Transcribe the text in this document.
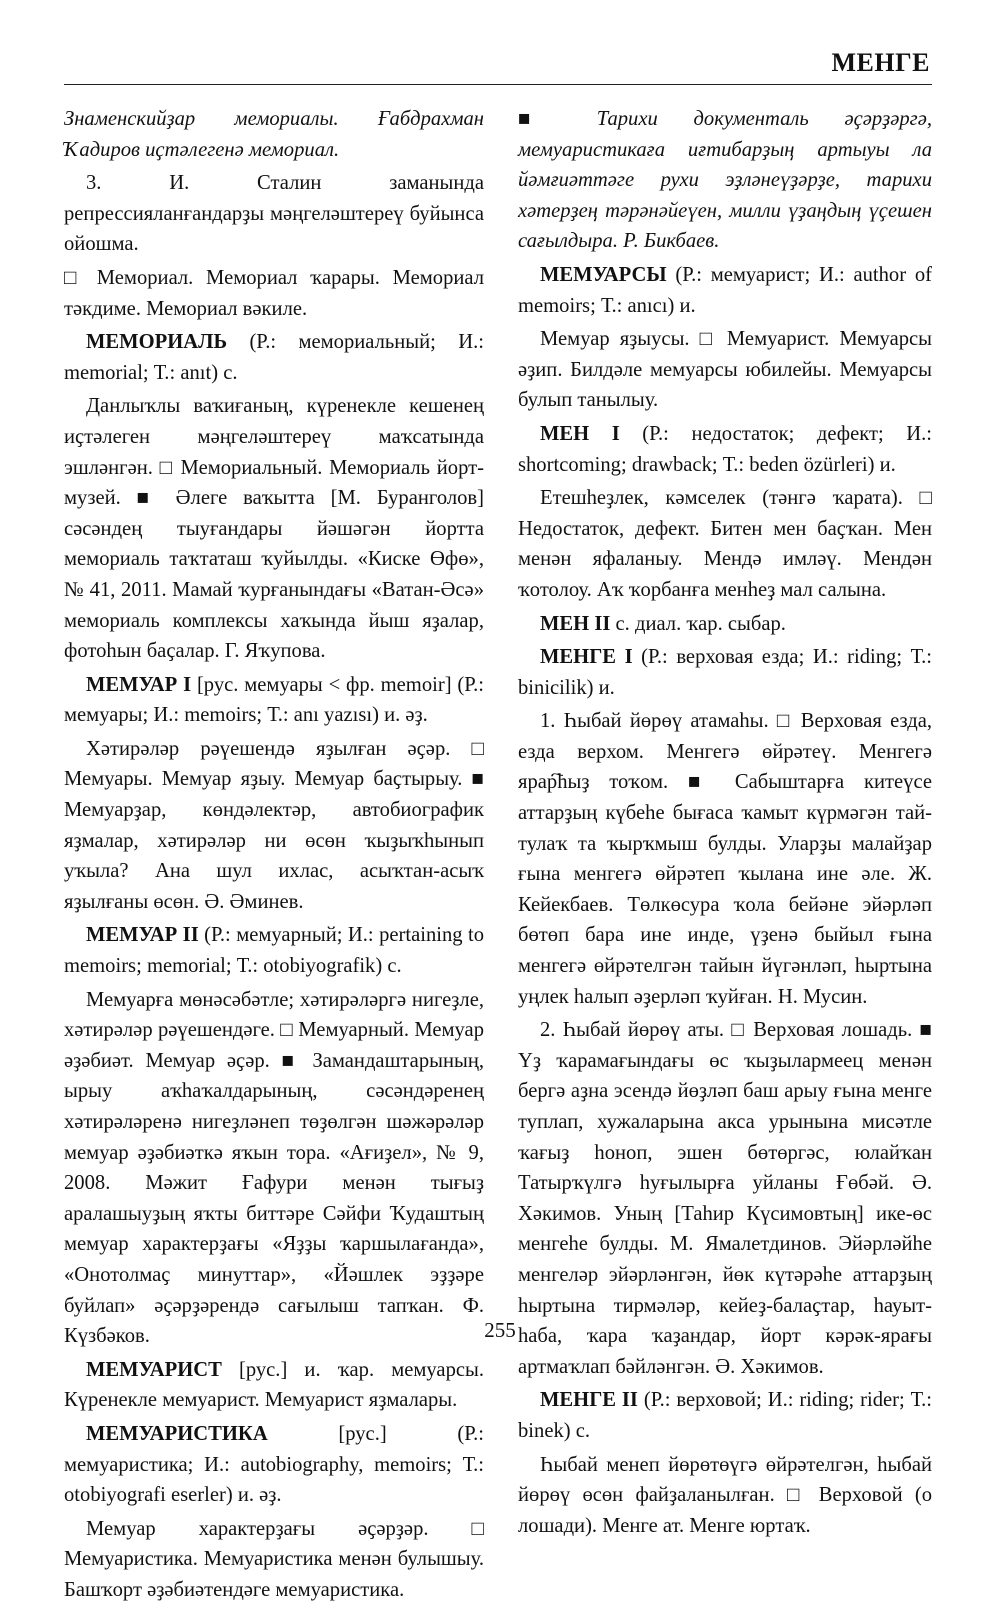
МЕНГЕ

Знаменскийҙар мемориалы. Ғабдрахман Ҡадиров иҫтәлегенә мемориал.

3. И. Сталин заманында репрессияланғандарҙы мәңгеләштереү буйынса ойошма.

□ Мемориал. Мемориал ҡарары. Мемориал тәкдиме. Мемориал вәкиле.

МЕМОРИАЛЬ (Р.: мемориальный; И.: memorial; Т.: anıt) с.

Данлыҡлы ваҡиғаның, күренекле кешенең иҫтәлеген мәңгеләштереү маҡсатында эшләнгән. □ Мемориальный. Мемориаль йорт-музей. ■ Әлеге ваҡытта [М. Буранголов] сәсәндең тыуғандары йәшәгән йортта мемориаль таҡтаташ ҡуйылды. «Киске Өфө», № 41, 2011. Мамай ҡурғанындағы «Ватан-Әсә» мемориаль комплексы хаҡында йыш яҙалар, фотоһын баҫалар. Г. Яҡупова.

МЕМУАР I [рус. мемуары < фр. memoir] (Р.: мемуары; И.: memoirs; Т.: anı yazısı) и. әҙ.

Хәтирәләр рәүешендә яҙылған әҫәр. □ Мемуары. Мемуар яҙыу. Мемуар баҫтырыу. ■ Мемуарҙар, көндәлектәр, автобиографик яҙмалар, хәтирәләр ни өсөн ҡыҙыҡһынып уҡыла? Ана шул ихлас, асыҡтан-асыҡ яҙылғаны өсөн. Ә. Әминев.

МЕМУАР II (Р.: мемуарный; И.: pertaining to memoirs; memorial; Т.: otobiyografik) с.

Мемуарға мөнәсәбәтле; хәтирәләргә нигеҙле, хәтирәләр рәүешендәге. □ Мемуарный. Мемуар әҙәбиәт. Мемуар әҫәр. ■ Замандаштарының, ырыу аҡһаҡалдарының, сәсәндәренең хәтирәләренә нигеҙләнеп төҙөлгән шәжәрәләр мемуар әҙәбиәткә яҡын тора. «Ағиҙел», № 9, 2008. Мәжит Ғафури менән тығыҙ аралашыуҙың яҡты биттәре Сәйфи Ҡудаштың мемуар характерҙағы «Яҙҙы ҡаршылағанда», «Онотолмаҫ минуттар», «Йәшлек эҙҙәре буйлап» әҫәрҙәрендә сағылыш тапҡан. Ф. Күзбәков.

МЕМУАРИСТ [рус.] и. ҡар. мемуарсы. Күренекле мемуарист. Мемуарист яҙмалары.

МЕМУАРИСТИКА	[рус.] (Р.: мемуаристика; И.: autobiography, memoirs; Т.: otobiyografi eserler) и. әҙ.

Мемуар характерҙағы әҫәрҙәр. □ Мемуаристика. Мемуаристика менән булышыу. Башҡорт әҙәбиәтендәге мемуаристика.

■ Тарихи документаль әҫәрҙәргә, мемуаристикаға иғтибарҙың артыуы ла йәмғиәттәге рухи эҙләнеүҙәрҙе, тарихи хәтерҙең тәрәнәйеүен, милли үҙаңдың үҫешен сағылдыра. Р. Бикбаев.

МЕМУАРСЫ (Р.: мемуарист; И.: author of memoirs; Т.: anıcı) и.

Мемуар яҙыусы. □ Мемуарист. Мемуарсы әҙип. Билдәле мемуарсы юбилейы. Мемуарсы булып танылыу.

МЕН I (Р.: недостаток; дефект; И.: shortcoming; drawback; Т.: beden özürleri) и.

Етешһеҙлек, кәмселек (тәнгә ҡарата). □ Недостаток, дефект. Битен мен баҫҡан. Мен менән яфаланыу. Мендә имләү. Мендән ҡотолоу. Аҡ ҡорбанға менһеҙ мал салына.

МЕН II с. диал. ҡар. сыбар.

МЕНГЕ I (Р.: верховая езда; И.: riding; Т.: binicilik) и.

1. Һыбай йөрөү атамаһы. □ Верховая езда, езда верхом. Менгегә өйрәтеү. Менгегә ярар҇һыҙ тоҡом. ■ Сабыштарға китеүсе аттарҙың күбеһе бығаса ҡамыт күрмәгән тай-тулаҡ та ҡырҡмыш булды. Уларҙы малайҙар ғына менгегә өйрәтеп ҡылана ине әле. Ж. Кейекбаев. Төлкөсура ҡола бейәне эйәрләп бөтөп бара ине инде, үҙенә быйыл ғына менгегә өйрәтелгән тайын йүгәнләп, һыртына уңлек һалып әҙерләп ҡуйған. Н. Мусин.

2. Һыбай йөрөү аты. □ Верховая лошадь. ■ Үҙ ҡарамағындағы өс ҡыҙылармеец менән бергә аҙна эсендә йөҙләп баш арыу ғына менге туплап, хужаларына акса урынына мисәтле ҡағыҙ һоноп, эшен бөтөргәс, юлайҡан Татырҡүлгә һуғылырға уйланы Ғөбәй. Ә. Хәкимов. Уның [Таһир Күсимовтың] ике-өс менгеһе булды. М. Ямалетдинов. Эйәрләйһе менгеләр эйәрләнгән, йөк күтәрәһе аттарҙың һыртына тирмәләр, кейеҙ-балаҫтар, һауыт-һаба, ҡара ҡаҙандар, йорт кәрәк-ярағы артмаҡлап бәйләнгән. Ә. Хәкимов.

МЕНГЕ II (Р.: верховой; И.: riding; rider; Т.: binek) с.

Һыбай менеп йөрөтөүгә өйрәтелгән, һыбай йөрөү өсөн файҙаланылған. □ Верховой (о лошади). Менге ат. Менге юртаҡ.

255
